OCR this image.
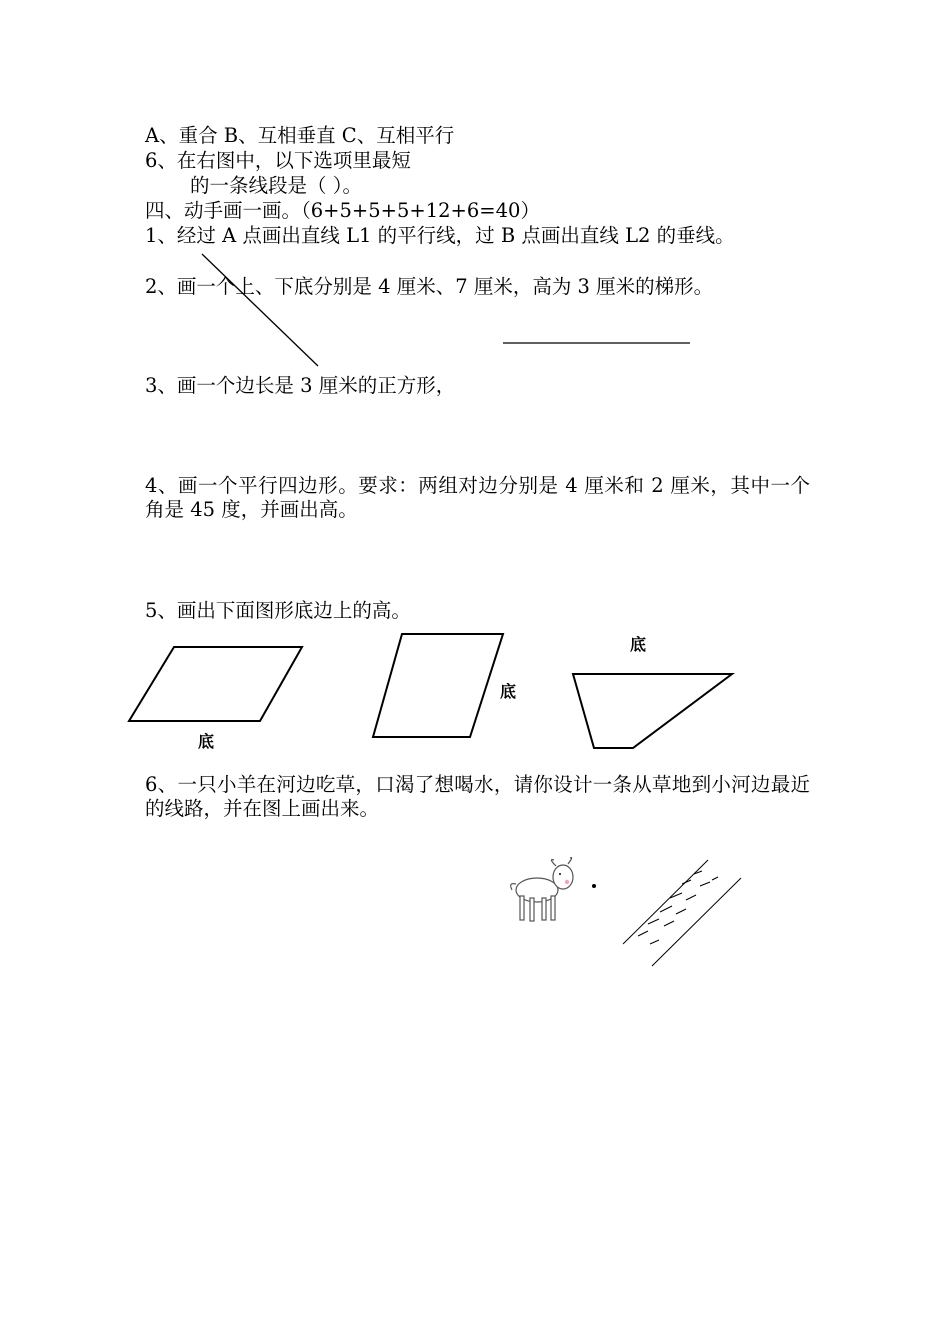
A、重合 B、互相垂直 C、互相平行
6、在右图中，以下选项里最短
的一条线段是（ ）。
四、动手画一画。（6+5+5+5+12+6=40）
1、经过 A 点画出直线 L1 的平行线，过 B 点画出直线 L2 的垂线。
2、画一个上、下底分别是 4 厘米、7 厘米，高为 3 厘米的梯形。
3、画一个边长是 3 厘米的正方形，
4、画一个平行四边形。要求：两组对边分别是 4 厘米和 2 厘米，其中一个角是 45 度，并画出高。
5、画出下面图形底边上的高。
6、一只小羊在河边吃草，口渴了想喝水，请你设计一条从草地到小河边最近的线路，并在图上画出来。
底
底
底
